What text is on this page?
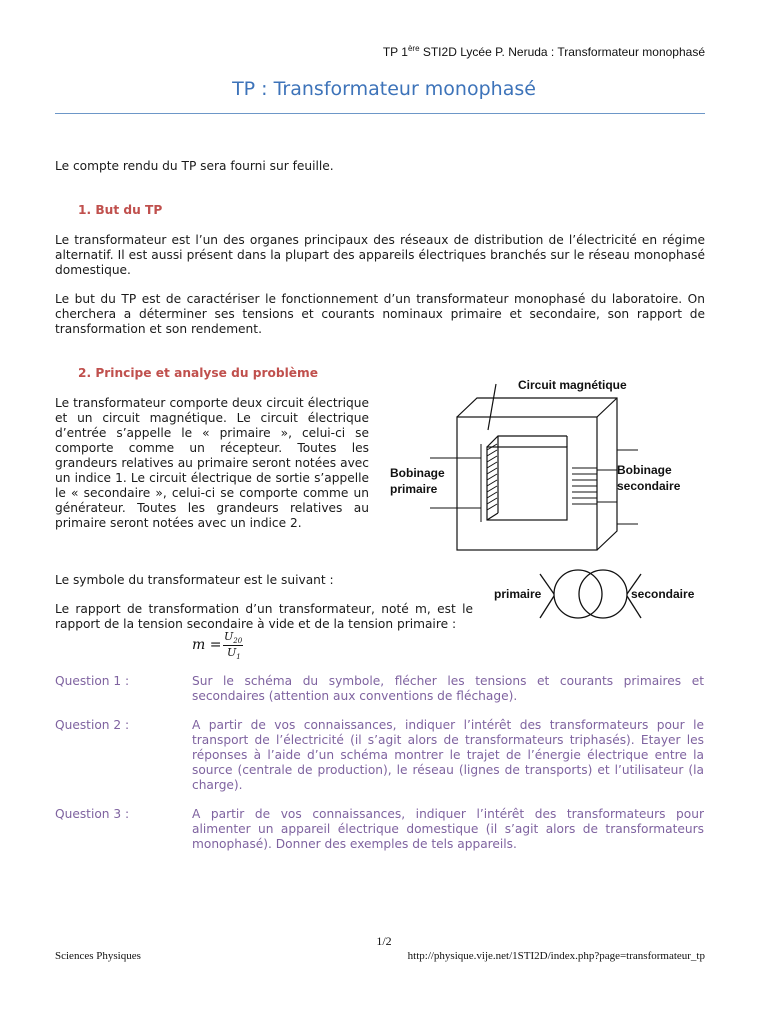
TP 1ère STI2D Lycée P. Neruda : Transformateur monophasé
TP : Transformateur monophasé
Le compte rendu du TP sera fourni sur feuille.
1. But du TP
Le transformateur est l’un des organes principaux des réseaux de distribution de l’électricité en régime alternatif. Il est aussi présent dans la plupart des appareils électriques branchés sur le réseau monophasé domestique.
Le but du TP est de caractériser le fonctionnement d’un transformateur monophasé du laboratoire. On cherchera a déterminer ses tensions et courants nominaux primaire et secondaire, son rapport de transformation et son rendement.
2. Principe et analyse du problème
Le transformateur comporte deux circuit électrique et un circuit magnétique. Le circuit électrique d’entrée s’appelle le « primaire », celui-ci se comporte comme un récepteur. Toutes les grandeurs relatives au primaire seront notées avec un indice 1. Le circuit électrique de sortie s’appelle le « secondaire », celui-ci se comporte comme un générateur. Toutes les grandeurs relatives au primaire seront notées avec un indice 2.
Circuit magnétique
Bobinage
primaire
Bobinage
secondaire
Le symbole du transformateur est le suivant :
primaire	secondaire
Le rapport de transformation d’un transformateur, noté m, est le rapport de la tension secondaire à vide et de la tension primaire :
m =
$U_{20}$
$U_1$
Question 1 :	Sur le schéma du symbole, flécher les tensions et courants primaires et secondaires (attention aux conventions de fléchage).
Question 2 :	A partir de vos connaissances, indiquer l’intérêt des transformateurs pour le transport de l’électricité (il s’agit alors de transformateurs triphasés). Etayer les réponses à l’aide d’un schéma montrer le trajet de l’énergie électrique entre la source (centrale de production), le réseau (lignes de transports) et l’utilisateur (la charge).
Question 3 :	A partir de vos connaissances, indiquer l’intérêt des transformateurs pour alimenter un appareil électrique domestique (il s’agit alors de transformateurs monophasé). Donner des exemples de tels appareils.
1/2
Sciences Physiques	http://physique.vije.net/1STI2D/index.php?page=transformateur_tp
